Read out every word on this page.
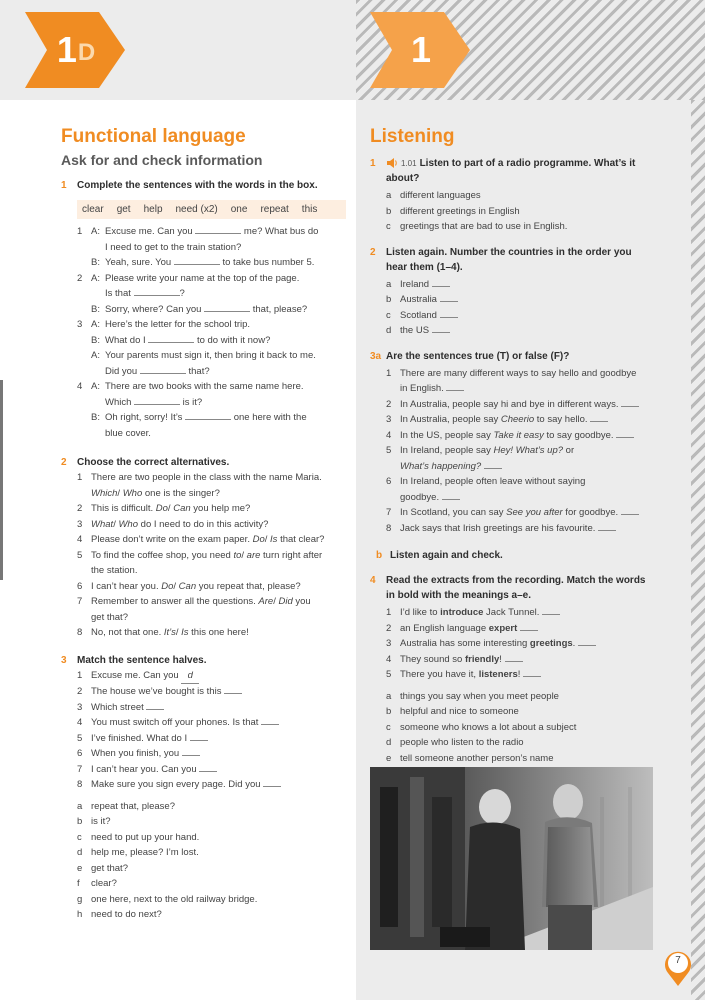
1 D	1
Functional language
Ask for and check information
1	Complete the sentences with the words in the box.
clear get help need (x2) one repeat this
1 A: Excuse me. Can you	me? What bus do
I need to get to the train station?
B: Yeah, sure. You	to take bus number 5.
2 A: Please write your name at the top of the page.
Is that	?
B: Sorry, where? Can you	that, please?
3 A: Here’s the letter for the school trip.
B: What do I	to do with it now?
A: Your parents must sign it, then bring it back to me.
Did you	that?
4 A: There are two books with the same name here.
Which	is it?
B: Oh right, sorry! It’s	one here with the
blue cover.
2	Choose the correct alternatives.
1 There are two people in the class with the name Maria.
Which/ Who one is the singer?
2 This is difficult. Do/ Can you help me?
3 What/ Who do I need to do in this activity?
4 Please don’t write on the exam paper. Do/ Is that clear?
5 To find the coffee shop, you need to/ are turn right after
the station.
6 I can’t hear you. Do/ Can you repeat that, please?
7 Remember to answer all the questions. Are/ Did you
get that?
8 No, not that one. It’s/ Is this one here!
3	Match the sentence halves.
1 Excuse me. Can you d
2 The house we’ve bought is this
3 Which street
4 You must switch off your phones. Is that
5 I’ve finished. What do I
6 When you finish, you
7 I can’t hear you. Can you
8 Make sure you sign every page. Did you
a repeat that, please?
b is it?
c need to put up your hand.
d help me, please? I’m lost.
e get that?
f	clear?
g one here, next to the old railway bridge.
h need to do next?
Listening
1	1.01 Listen to part of a radio programme. What’s it about?
a different languages
b different greetings in English
c greetings that are bad to use in English.
2	Listen again. Number the countries in the order you hear them (1–4).
a Ireland
b Australia
c Scotland
d the US
3a Are the sentences true (T) or false (F)?
1 There are many different ways to say hello and goodbye
in English.
2 In Australia, people say hi and bye in different ways.
3 In Australia, people say Cheerio to say hello.
4 In the US, people say Take it easy to say goodbye.
5 In Ireland, people say Hey! What’s up? or
What’s happening?
6 In Ireland, people often leave without saying
goodbye.
7 In Scotland, you can say See you after for goodbye.
8 Jack says that Irish greetings are his favourite.
b Listen again and check.
4	Read the extracts from the recording. Match the words in bold with the meanings a–e.
1 I’d like to introduce Jack Tunnel.
2 an English language expert
3 Australia has some interesting greetings.
4 They sound so friendly!
5 There you have it, listeners!
a things you say when you meet people
b helpful and nice to someone
c someone who knows a lot about a subject
d people who listen to the radio
e tell someone another person’s name
7
